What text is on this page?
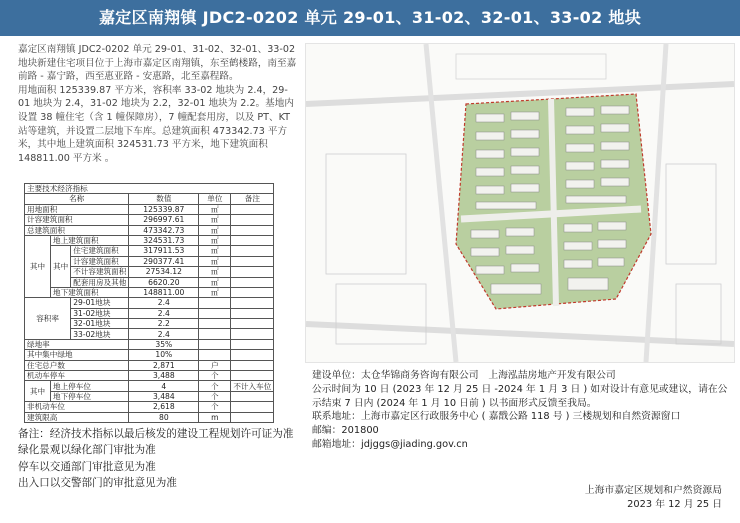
嘉定区南翔镇 JDC2-0202 单元 29-01、31-02、32-01、33-02 地块

嘉定区南翔镇 JDC2-0202 单元 29-01、31-02、32-01、33-02 地块新建住宅项目位于上海市嘉定区南翔镇，东至鹤楼路，南至嘉前路 - 嘉宁路，西至惠亚路 - 安惠路，北至嘉程路。

用地面积 125339.87 平方米，容积率 33-02 地块为 2.4，29-01 地块为 2.4，31-02 地块为 2.2，32-01 地块为 2.2。基地内设置 38 幢住宅（含 1 幢保障房），7 幢配套用房，以及 PT、KT 站等建筑，并设置二层地下车库。总建筑面积 473342.73 平方米，其中地上建筑面积 324531.73 平方米，地下建筑面积 148811.00 平方米 。

主要技术经济指标					
名称			数值	单位	备注
用地面积			125339.87	㎡	
计容建筑面积			296997.61	㎡	
总建筑面积			473342.73	㎡	
其中	地上建筑面积		324531.73	㎡	
	其中	住宅建筑面积	317911.53	㎡	
		计容建筑面积	290377.41	㎡	
		不计容建筑面积	27534.12	㎡	
		配套用房及其他	6620.20	㎡	
	地下建筑面积		148811.00	㎡	
容积率		29-01地块	2.4		
		31-02地块	2.4		
		32-01地块	2.2		
		33-02地块	2.4		
绿地率			35%		
其中集中绿地			10%		
住宅总户数			2,871	户	
机动车停车			3,488	个	
其中	地上停车位		4	个	不计入车位
	地下停车位		3,484	个	
非机动车位			2,618	个	
建筑限高			80	m	

备注：经济技术指标以最后核发的建设工程规划许可证为准

绿化景观以绿化部门审批为准

停车以交通部门审批意见为准

出入口以交警部门的审批意见为准

建设单位：太仓华锦商务咨询有限公司　上海泓喆房地产开发有限公司

公示时间为 10 日 (2023 年 12 月 25 日 -2024 年 1 月 3 日 ) 如对设计有意见或建议，请在公示结束 7 日内 (2024 年 1 月 10 日前 ) 以书面形式反馈至我局。

联系地址：上海市嘉定区行政服务中心 ( 嘉戬公路 118 号 ) 三楼规划和自然资源窗口

邮编：201800

邮箱地址：jdjggs@jiading.gov.cn

上海市嘉定区规划和户然资源局

2023 年 12 月 25 日
